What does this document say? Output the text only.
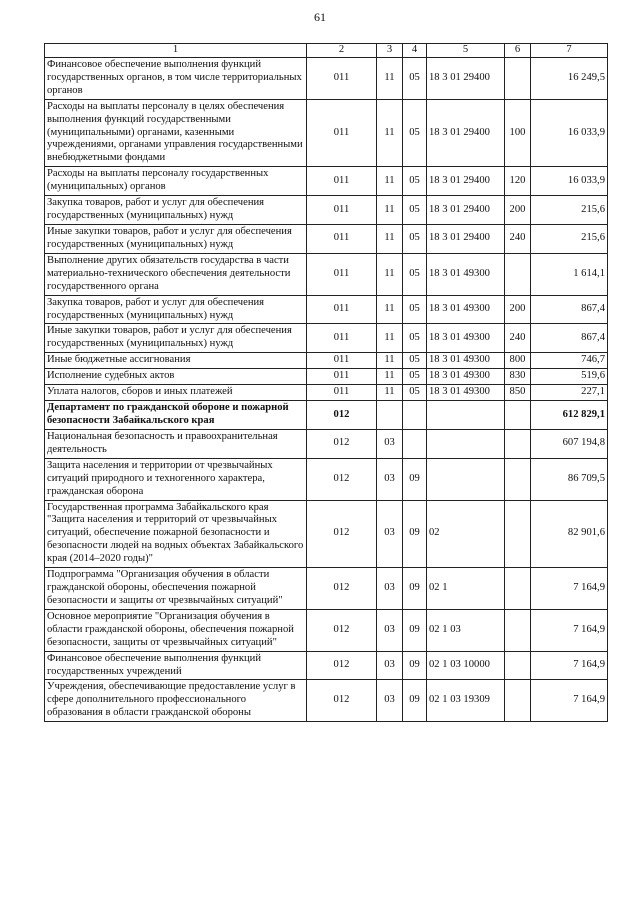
61
1	2	3	4	5	6	7
Финансовое обеспечение выполнения функций государственных органов, в том числе территориальных органов	011	11	05	18 3 01 29400		16 249,5
Расходы на выплаты персоналу в целях обеспечения выполнения функций государственными (муниципальными) органами, казенными учреждениями, органами управления государственными внебюджетными фондами	011	11	05	18 3 01 29400	100	16 033,9
Расходы на выплаты персоналу государственных (муниципальных) органов	011	11	05	18 3 01 29400	120	16 033,9
Закупка товаров, работ и услуг для обеспечения государственных (муниципальных) нужд	011	11	05	18 3 01 29400	200	215,6
Иные закупки товаров, работ и услуг для обеспечения государственных (муниципальных) нужд	011	11	05	18 3 01 29400	240	215,6
Выполнение других обязательств государства в части материально-технического обеспечения деятельности государственного органа	011	11	05	18 3 01 49300		1 614,1
Закупка товаров, работ и услуг для обеспечения государственных (муниципальных) нужд	011	11	05	18 3 01 49300	200	867,4
Иные закупки товаров, работ и услуг для обеспечения государственных (муниципальных) нужд	011	11	05	18 3 01 49300	240	867,4
Иные бюджетные ассигнования	011	11	05	18 3 01 49300	800	746,7
Исполнение судебных актов	011	11	05	18 3 01 49300	830	519,6
Уплата налогов, сборов и иных платежей	011	11	05	18 3 01 49300	850	227,1
Департамент по гражданской обороне и пожарной безопасности Забайкальского края	012					612 829,1
Национальная безопасность и правоохранительная деятельность	012	03				607 194,8
Защита населения и территории от чрезвычайных ситуаций природного и техногенного характера, гражданская оборона	012	03	09			86 709,5
Государственная программа Забайкальского края "Защита населения и территорий от чрезвычайных ситуаций, обеспечение пожарной безопасности и безопасности людей на водных объектах Забайкальского края (2014–2020 годы)"	012	03	09	02		82 901,6
Подпрограмма "Организация обучения в области гражданской обороны, обеспечения пожарной безопасности и защиты от чрезвычайных ситуаций"	012	03	09	02 1		7 164,9
Основное мероприятие "Организация обучения в области гражданской обороны, обеспечения пожарной безопасности, защиты от чрезвычайных ситуаций"	012	03	09	02 1 03		7 164,9
Финансовое обеспечение выполнения функций государственных учреждений	012	03	09	02 1 03 10000		7 164,9
Учреждения, обеспечивающие предоставление услуг в сфере дополнительного профессионального образования в области гражданской обороны	012	03	09	02 1 03 19309		7 164,9
